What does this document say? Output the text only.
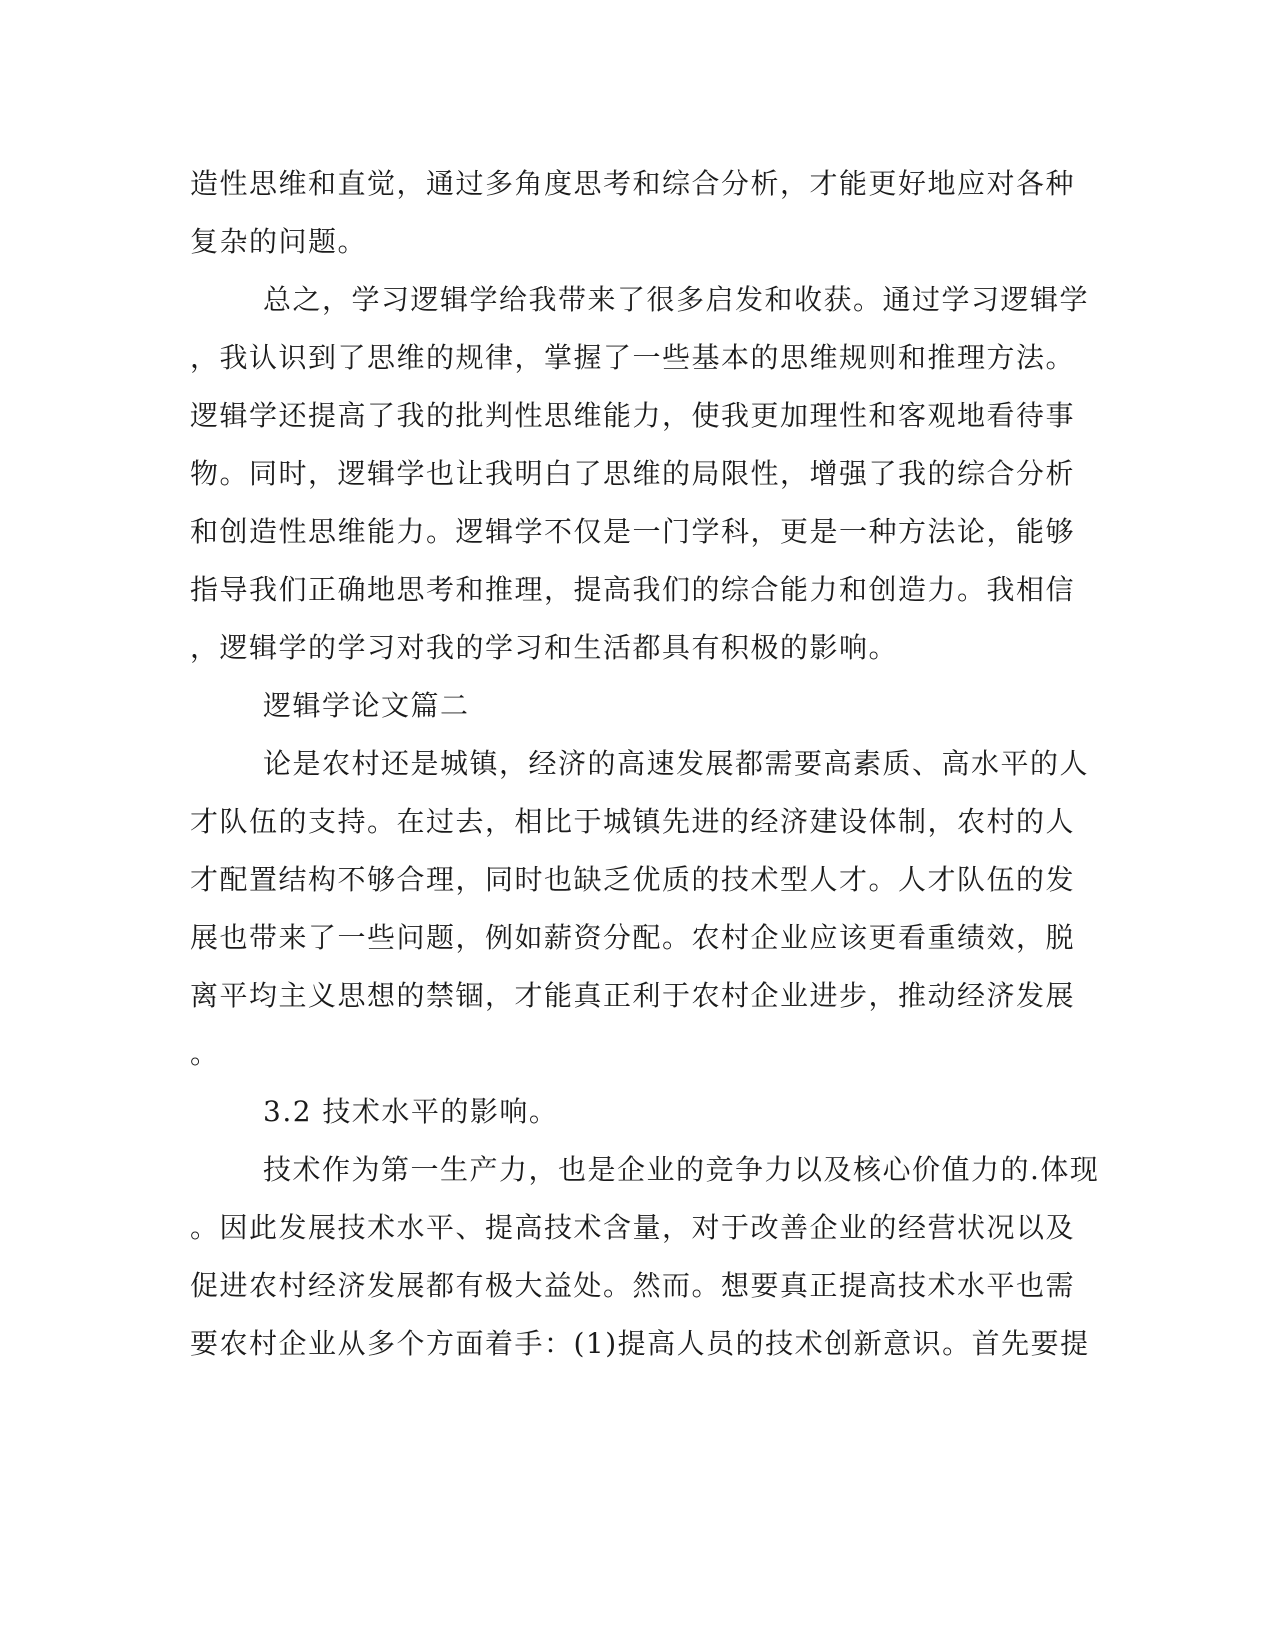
造性思维和直觉，通过多角度思考和综合分析，才能更好地应对各种
复杂的问题。
总之，学习逻辑学给我带来了很多启发和收获。通过学习逻辑学
，我认识到了思维的规律，掌握了一些基本的思维规则和推理方法。
逻辑学还提高了我的批判性思维能力，使我更加理性和客观地看待事
物。同时，逻辑学也让我明白了思维的局限性，增强了我的综合分析
和创造性思维能力。逻辑学不仅是一门学科，更是一种方法论，能够
指导我们正确地思考和推理，提高我们的综合能力和创造力。我相信
，逻辑学的学习对我的学习和生活都具有积极的影响。
逻辑学论文篇二
论是农村还是城镇，经济的高速发展都需要高素质、高水平的人
才队伍的支持。在过去，相比于城镇先进的经济建设体制，农村的人
才配置结构不够合理，同时也缺乏优质的技术型人才。人才队伍的发
展也带来了一些问题，例如薪资分配。农村企业应该更看重绩效，脱
离平均主义思想的禁锢，才能真正利于农村企业进步，推动经济发展
。
3.2 技术水平的影响。
技术作为第一生产力，也是企业的竞争力以及核心价值力的.体现
。因此发展技术水平、提高技术含量，对于改善企业的经营状况以及
促进农村经济发展都有极大益处。然而。想要真正提高技术水平也需
要农村企业从多个方面着手：(1)提高人员的技术创新意识。首先要提
